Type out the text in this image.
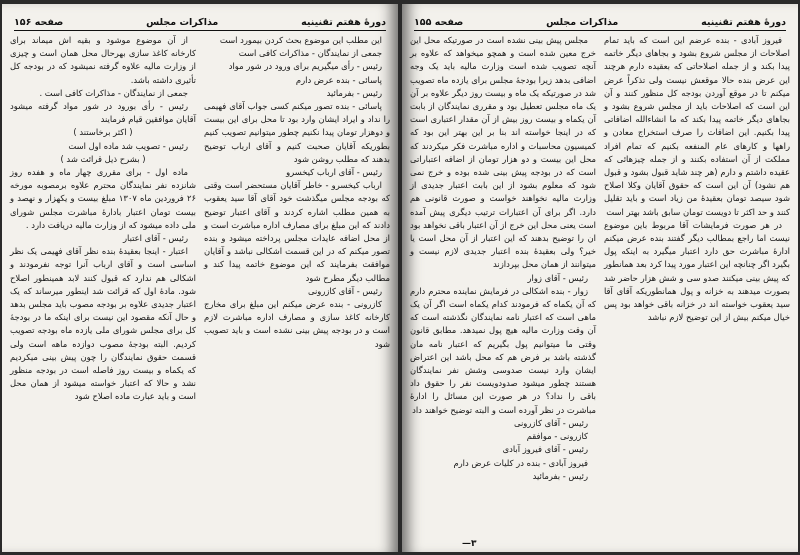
دورهٔ هفتم تقنینیه
مذاکرات مجلس
صفحه ۱۵۶

این مطلب این موضوع بحث کردن بیمورد است

جمعی از نمایندگان - مذاکرات کافی است

رئیس - رأی میگیریم برای ورود در شور مواد

پاسائی - بنده عرض دارم

رئیس - بفرمائید

پاسائی - بنده تصور میکنم کسی جواب آقای فهیمی را نداد و ایراد ایشان وارد بود تا محل برای این بیست و دوهزار تومان پیدا نکنیم چطور میتوانیم تصویب کنیم بطوریکه آقایان صحبت کنیم و آقای ارباب توضیح بدهند که مطلب روشن شود

رئیس - آقای ارباب کیخسرو

ارباب کیخسرو - خاطر آقایان مستحضر است وقتی که بودجه مجلس میگذشت خود آقای آقا سید یعقوب به همین مطلب اشاره کردند و آقای اعتبار توضیح دادند که این مبلغ برای مصارف اداره مباشرت است و از محل اضافه عایدات مجلس پرداخته میشود و بنده تصور میکنم که در این قسمت اشکالی نباشد و آقایان موافقت بفرمایند که این موضوع خاتمه پیدا کند و مطالب دیگر مطرح شود

رئیس - آقای کازرونی

کازرونی - بنده عرض میکنم این مبلغ برای مخارج کارخانه کاغذ سازی و مصارف اداره مباشرت لازم است و در بودجه پیش بینی نشده است و باید تصویب شود

از آن موضوع موشود و بقیه اش میماند برای کارخانه کاغذ سازی بهرحال محل همان است و چیزی از وزارت مالیه علاوه گرفته نمیشود که در بودجه کل تأثیری داشته باشد.

جمعی از نمایندگان - مذاکرات کافی است .

رئیس - رأی بورود در شور مواد گرفته میشود آقایان موافقین قیام فرمایند

( اکثر برخاستند )

رئیس - تصویب شد ماده اول است

( بشرح ذیل قرائت شد )

ماده اول - برای مقرری چهار ماه و هفده روز شانزده نفر نمایندگان محترم علاوه برمصوبه مورخه ۲۶ فروردین ماه ۱۳۰۷ مبلغ بیست و یکهزار و نهصد و بیست تومان اعتبار بادارهٔ مباشرت مجلس شورای ملی داده میشود که از وزارت مالیه دریافت دارد .

رئیس - آقای اعتبار

اعتبار - اینجا بعقیدهٔ بنده نظر آقای فهیمی یک نظر اساسی است و آقای ارباب آنرا توجه نفرمودند و اشکالی هم ندارد که قبول کنند لابد همینطور اصلاح شود. مادهٔ اول که قرائت شد اینطور میرساند که یک اعتبار جدیدی علاوه بر بودجه مصوب باید مجلس بدهد و حال آنکه مقصود این نیست برای اینکه ما در بودجهٔ کل برای مجلس شورای ملی یازده ماه بودجه تصویب کردیم. البته بودجهٔ مصوب دوازده ماهه است ولی قسمت حقوق نمایندگان را چون پیش بینی میکردیم که یکماه و بیست روز فاصله است در بودجه منظور نشد و حالا که اعتبار خواسته میشود از همان محل است و باید عبارت ماده اصلاح شود

دورهٔ هفتم تقنینیه
مذاکرات مجلس
صفحه ۱۵۵

فیروز آبادی - بنده عرضم این است که باید تمام اصلاحات از مجلس شروع بشود و بجاهای دیگر خاتمه پیدا بکند و از جمله اصلاحاتی که بعقیده دارم هرچند این عرض بنده حالا موقعش نیست ولی تذکراً عرض میکنم تا در موقع آوردن بودجه کل منظور کنند و آن این است که اصلاحات باید از مجلس شروع بشود و بجاهای دیگر خاتمه پیدا بکند که ما انشاءالله اضافاتی پیدا بکنیم. این اضافات را صرف استخراج معادن و راهها و کارهای عام المنفعه بکنیم که تمام افراد مملکت از آن استفاده بکنند و از جمله چیزهائی که عقیده داشتم و دارم (هر چند شاید قبول بشود و قبول هم نشود) آن این است که حقوق آقایان وکلا اصلاح شود سیصد تومان بعقیدهٔ من زیاد است و باید تقلیل کنند و حد اکثر تا دویست تومان سابق باشد بهتر است

در هر صورت فرمایشات آقا مربوط باین موضوع نیست اما راجع بمطالب دیگر گفتند بنده عرض میکنم ادارهٔ مباشرت حق دارد اعتبار میگیرد به اینکه پول بگیرد اگر چنانچه این اعتبار مورد پیدا کرد بعد همانطور که پیش بینی میکنند صدو سی و شش هزار حاضر شد بصورت میدهند به خزانه و پول همانطوریکه آقای آقا سید یعقوب خواسته اند در خزانه باقی خواهد بود پس خیال میکنم بیش از این توضیح لازم نباشد

مجلس پیش بینی نشده است در صورتیکه محل این خرج معین شده است و همچو میخواهد که علاوه بر آنچه تصویب شده است وزارت مالیه باید یک وجه اضافی بدهد زیرا بودجهٔ مجلس برای یازده ماه تصویب شد در صورتیکه یک ماه و بیست روز دیگر علاوه بر آن یک ماه مجلس تعطیل بود و مقرری نمایندگان از بابت آن یکماه و بیست روز بیش از آن مقدار اعتباری است که در اینجا خواسته اند بنا بر این بهتر این بود که کمیسیون محاسبات و اداره مباشرت فکر میکردند که محل این بیست و دو هزار تومان از اضافه اعتباراتی است که در بودجه پیش بینی شده بوده و خرج نمی شود که معلوم بشود از این بابت اعتبار جدیدی از وزارت مالیه نخواهند خواست و صورت قانونی هم دارد. اگر برای آن اعتبارات ترتیب دیگری پیش آمده است یعنی محل این خرج از آن اعتبار باقی نخواهد بود ان را توضیح بدهند که این اعتبار از آن محل است یا خیر؟ ولی بعقیدهٔ بنده اعتبار جدیدی لازم نیست و میتوانند از همان محل بپردازند

رئیس - آقای زوار

زوار - بنده اشکالی در فرمایش نماینده محترم دارم که آن یکماه که فرمودند کدام یکماه است اگر آن یک ماهی است که اعتبار نامه نمایندگان نگذشته است که آن وقت وزارت مالیه هیچ پول نمیدهد. مطابق قانون وقتی ما میتوانیم پول بگیریم که اعتبار نامه مان گذشته باشد بر فرض هم که محل باشد این اعتراض ایشان وارد نیست صدوسی وشش نفر نمایندگان هستند چطور میشود صدودویست نفر را حقوق داد باقی را نداد؟ در هر صورت این مسائل را ادارهٔ مباشرت در نظر آورده است و البته توضیح خواهند داد

رئیس - آقای کازرونی

کازرونی - موافقم

رئیس - آقای فیروز آبادی

فیروز آبادی - بنده در کلیات عرض دارم

رئیس - بفرمائید

—۳
